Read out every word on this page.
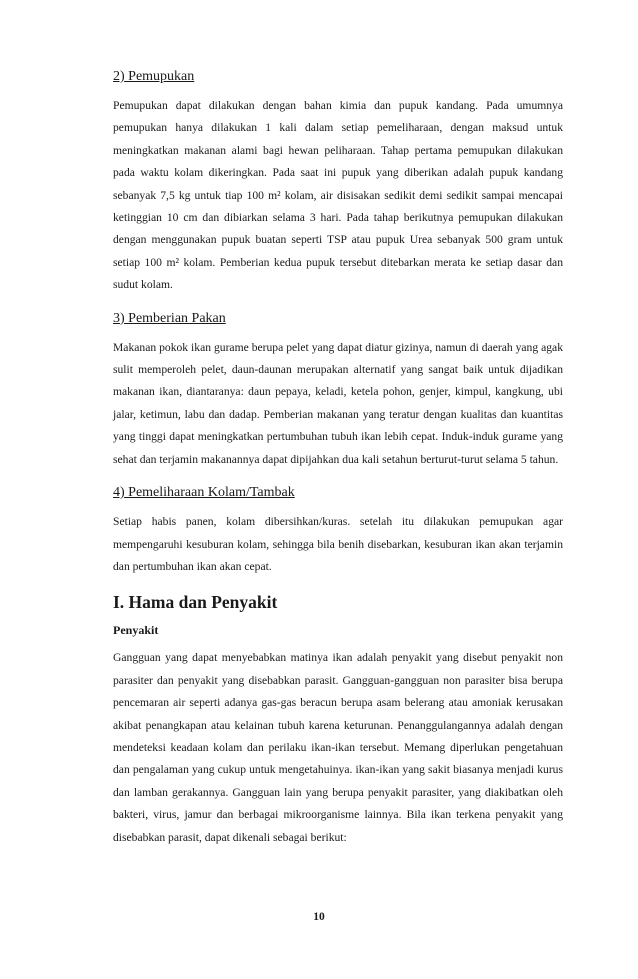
2) Pemupukan

Pemupukan dapat dilakukan dengan bahan kimia dan pupuk kandang. Pada umumnya pemupukan hanya dilakukan 1 kali dalam setiap pemeliharaan, dengan maksud untuk meningkatkan makanan alami bagi hewan peliharaan. Tahap pertama pemupukan dilakukan pada waktu kolam dikeringkan. Pada saat ini pupuk yang diberikan adalah pupuk kandang sebanyak 7,5 kg untuk tiap 100 m² kolam, air disisakan sedikit demi sedikit sampai mencapai ketinggian 10 cm dan dibiarkan selama 3 hari. Pada tahap berikutnya pemupukan dilakukan dengan menggunakan pupuk buatan seperti TSP atau pupuk Urea sebanyak 500 gram untuk setiap 100 m² kolam. Pemberian kedua pupuk tersebut ditebarkan merata ke setiap dasar dan sudut kolam.

3) Pemberian Pakan

Makanan pokok ikan gurame berupa pelet yang dapat diatur gizinya, namun di daerah yang agak sulit memperoleh pelet, daun-daunan merupakan alternatif yang sangat baik untuk dijadikan makanan ikan, diantaranya: daun pepaya, keladi, ketela pohon, genjer, kimpul, kangkung, ubi jalar, ketimun, labu dan dadap. Pemberian makanan yang teratur dengan kualitas dan kuantitas yang tinggi dapat meningkatkan pertumbuhan tubuh ikan lebih cepat. Induk-induk gurame yang sehat dan terjamin makanannya dapat dipijahkan dua kali setahun berturut-turut selama 5 tahun.

4) Pemeliharaan Kolam/Tambak

Setiap habis panen, kolam dibersihkan/kuras. setelah itu dilakukan pemupukan agar mempengaruhi kesuburan kolam, sehingga bila benih disebarkan, kesuburan ikan akan terjamin dan pertumbuhan ikan akan cepat.

I. Hama dan Penyakit
Penyakit

Gangguan yang dapat menyebabkan matinya ikan adalah penyakit yang disebut penyakit non parasiter dan penyakit yang disebabkan parasit. Gangguan-gangguan non parasiter bisa berupa pencemaran air seperti adanya gas-gas beracun berupa asam belerang atau amoniak kerusakan akibat penangkapan atau kelainan tubuh karena keturunan. Penanggulangannya adalah dengan mendeteksi keadaan kolam dan perilaku ikan-ikan tersebut. Memang diperlukan pengetahuan dan pengalaman yang cukup untuk mengetahuinya. ikan-ikan yang sakit biasanya menjadi kurus dan lamban gerakannya. Gangguan lain yang berupa penyakit parasiter, yang diakibatkan oleh bakteri, virus, jamur dan berbagai mikroorganisme lainnya. Bila ikan terkena penyakit yang disebabkan parasit, dapat dikenali sebagai berikut:

10
